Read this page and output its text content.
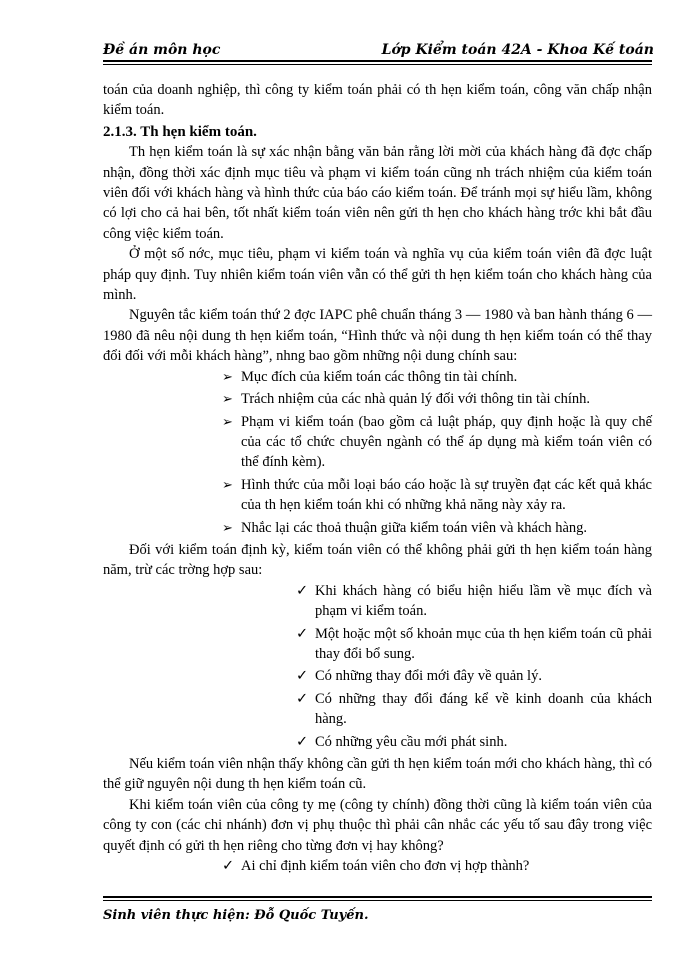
Đề án môn học	Lớp Kiểm toán 42A - Khoa Kế toán

toán của doanh nghiệp, thì công ty kiểm toán phải có th hẹn kiểm toán, công văn chấp nhận kiểm toán.

2.1.3. Th hẹn kiểm toán.

Th hẹn kiểm toán là sự xác nhận bằng văn bản rằng lời mời của khách hàng đã đợc chấp nhận, đồng thời xác định mục tiêu và phạm vi kiểm toán cũng nh trách nhiệm của kiểm toán viên đối với khách hàng và hình thức của báo cáo kiểm toán. Để tránh mọi sự hiểu lầm, không có lợi cho cả hai bên, tốt nhất kiểm toán viên nên gửi th hẹn cho khách hàng trớc khi bắt đầu công việc kiểm toán.

Ở một số nớc, mục tiêu, phạm vi kiểm toán và nghĩa vụ của kiểm toán viên đã đợc luật pháp quy định. Tuy nhiên kiểm toán viên vẫn có thể gửi th hẹn kiểm toán cho khách hàng của mình.

Nguyên tắc kiểm toán thứ 2 đợc IAPC phê chuẩn tháng 3 — 1980 và ban hành tháng 6 —1980 đã nêu nội dung th hẹn kiểm toán, “Hình thức và nội dung th hẹn kiểm toán có thể thay đổi đối với mỗi khách hàng”, nhng bao gồm những nội dung chính sau:

➢ Mục đích của kiểm toán các thông tin tài chính.
➢ Trách nhiệm của các nhà quản lý đối với thông tin tài chính.
➢ Phạm vi kiểm toán (bao gồm cả luật pháp, quy định hoặc là quy chế của các tổ chức chuyên ngành có thể áp dụng mà kiểm toán viên có thể đính kèm).
➢ Hình thức của mỗi loại báo cáo hoặc là sự truyền đạt các kết quả khác của th hẹn kiểm toán khi có những khả năng này xảy ra.
➢ Nhắc lại các thoả thuận giữa kiểm toán viên và khách hàng.

Đối với kiểm toán định kỳ, kiểm toán viên có thể không phải gửi th hẹn kiểm toán hàng năm, trừ các trờng hợp sau:

✓ Khi khách hàng có biểu hiện hiểu lầm về mục đích và phạm vi kiểm toán.
✓ Một hoặc một số khoản mục của th hẹn kiểm toán cũ phải thay đổi bổ sung.
✓ Có những thay đổi mới đây về quản lý.
✓ Có những thay đổi đáng kể về kinh doanh của khách hàng.
✓ Có những yêu cầu mới phát sinh.

Nếu kiểm toán viên nhận thấy không cần gửi th hẹn kiểm toán mới cho khách hàng, thì có thể giữ nguyên nội dung th hẹn kiểm toán cũ.

Khi kiểm toán viên của công ty mẹ (công ty chính) đồng thời cũng là kiểm toán viên của công ty con (các chi nhánh) đơn vị phụ thuộc thì phải cân nhắc các yếu tố sau đây trong việc quyết định có gửi th hẹn riêng cho từng đơn vị hay không?

✓ Ai chỉ định kiểm toán viên cho đơn vị hợp thành?
Sinh viên thực hiện: Đỗ Quốc Tuyến.
